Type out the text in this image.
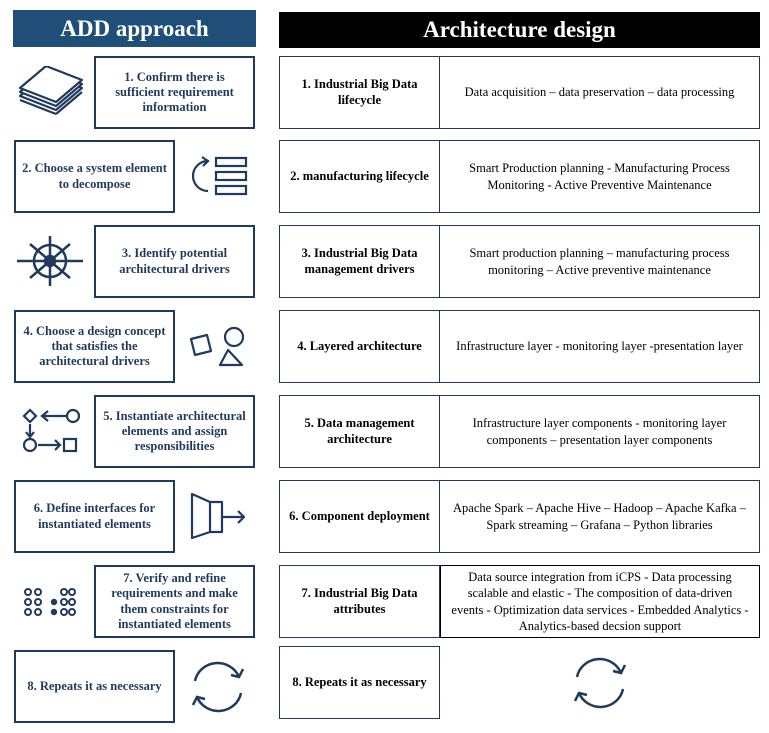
ADD approach	Architecture design
1. Confirm there is sufficient requirement information
2. Choose a system element to decompose
3. Identify potential architectural drivers
4. Choose a design concept that satisfies the architectural drivers
5. Instantiate architectural elements and assign responsibilities
6. Define interfaces for instantiated elements
7. Verify and refine requirements and make them constraints for instantiated elements
8. Repeats it as necessary
1. Industrial Big Data lifecycle
Data acquisition – data preservation – data processing
2. manufacturing lifecycle
Smart Production planning - Manufacturing Process Monitoring - Active Preventive Maintenance
3. Industrial Big Data management drivers
Smart production planning – manufacturing process monitoring – Active preventive maintenance
4. Layered architecture	Infrastructure layer - monitoring layer -presentation layer
5. Data management architecture
Infrastructure layer components - monitoring layer components – presentation layer components
6. Component deployment
Apache Spark – Apache Hive – Hadoop – Apache Kafka – Spark streaming – Grafana – Python libraries
7. Industrial Big Data attributes
Data source integration from iCPS - Data processing scalable and elastic - The composition of data-driven events - Optimization data services - Embedded Analytics - Analytics-based decsion support
8. Repeats it as necessary
